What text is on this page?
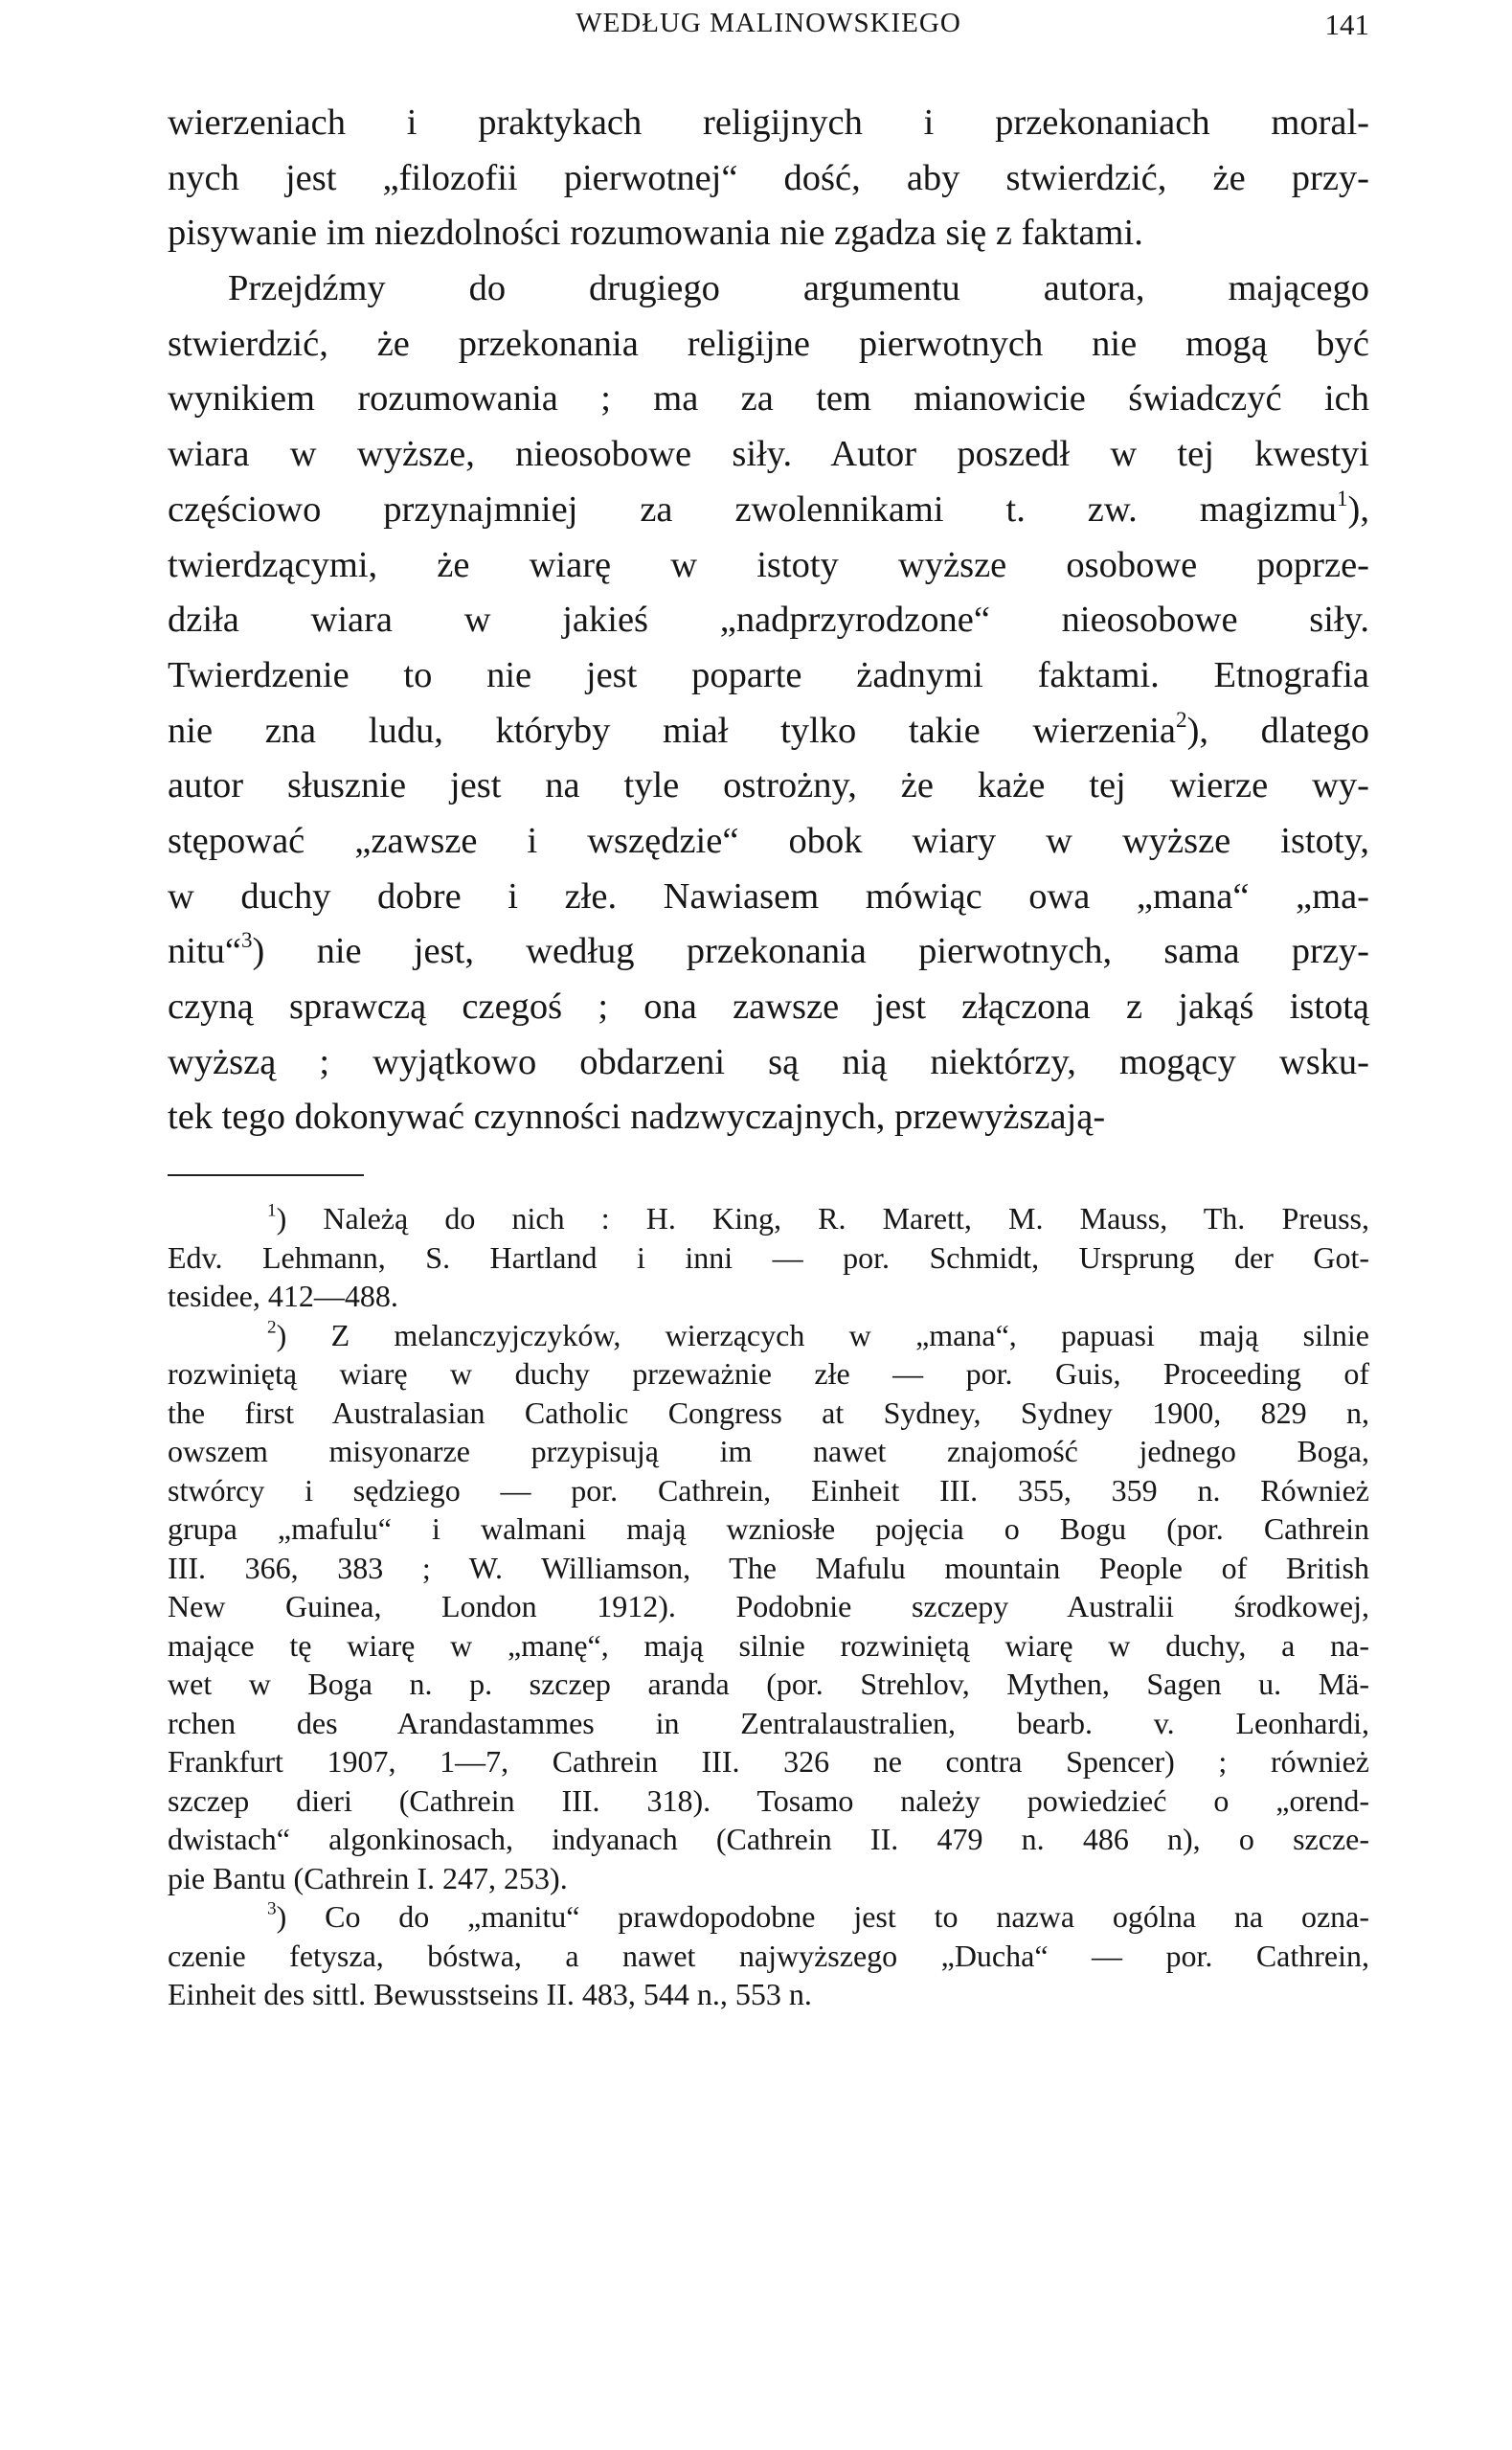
WEDŁUG MALINOWSKIEGO	141
wierzeniach i praktykach religijnych i przekonaniach moral-
nych jest „filozofii pierwotnej“ dość, aby stwierdzić, że przy-
pisywanie im niezdolności rozumowania nie zgadza się z faktami.
Przejdźmy do drugiego argumentu autora, mającego
stwierdzić, że przekonania religijne pierwotnych nie mogą być
wynikiem rozumowania ; ma za tem mianowicie świadczyć ich
wiara w wyższe, nieosobowe siły. Autor poszedł w tej kwestyi
częściowo przynajmniej za zwolennikami t. zw. magizmu$^1$),
twierdzącymi, że wiarę w istoty wyższe osobowe poprze-
dziła wiara w jakieś „nadprzyrodzone“ nieosobowe siły.
Twierdzenie to nie jest poparte żadnymi faktami. Etnografia
nie zna ludu, któryby miał tylko takie wierzenia$^2$), dlatego
autor słusznie jest na tyle ostrożny, że każe tej wierze wy-
stępować „zawsze i wszędzie“ obok wiary w wyższe istoty,
w duchy dobre i złe. Nawiasem mówiąc owa „mana“ „ma-
nitu“$^3$) nie jest, według przekonania pierwotnych, sama przy-
czyną sprawczą czegoś ; ona zawsze jest złączona z jakąś istotą
wyższą ; wyjątkowo obdarzeni są nią niektórzy, mogący wsku-
tek tego dokonywać czynności nadzwyczajnych, przewyższają-
$^1$) Należą do nich : H. King, R. Marett, M. Mauss, Th. Preuss,
Edv. Lehmann, S. Hartland i inni — por. Schmidt, Ursprung der Got-
tesidee, 412—488.
$^2$) Z melanczyjczyków, wierzących w „mana“, papuasi mają silnie
rozwiniętą wiarę w duchy przeważnie złe — por. Guis, Proceeding of
the first Australasian Catholic Congress at Sydney, Sydney 1900, 829 n,
owszem misyonarze przypisują im nawet znajomość jednego Boga,
stwórcy i sędziego — por. Cathrein, Einheit III. 355, 359 n. Również
grupa „mafulu“ i walmani mają wzniosłe pojęcia o Bogu (por. Cathrein
III. 366, 383 ; W. Williamson, The Mafulu mountain People of British
New Guinea, London 1912). Podobnie szczepy Australii środkowej,
mające tę wiarę w „manę“, mają silnie rozwiniętą wiarę w duchy, a na-
wet w Boga n. p. szczep aranda (por. Strehlov, Mythen, Sagen u. Mä-
rchen des Arandastammes in Zentralaustralien, bearb. v. Leonhardi,
Frankfurt 1907, 1—7, Cathrein III. 326 ne contra Spencer) ; również
szczep dieri (Cathrein III. 318). Tosamo należy powiedzieć o „orend-
dwistach“ algonkinosach, indyanach (Cathrein II. 479 n. 486 n), o szcze-
pie Bantu (Cathrein I. 247, 253).
$^3$) Co do „manitu“ prawdopodobne jest to nazwa ogólna na ozna-
czenie fetysza, bóstwa, a nawet najwyższego „Ducha“ — por. Cathrein,
Einheit des sittl. Bewusstseins II. 483, 544 n., 553 n.
